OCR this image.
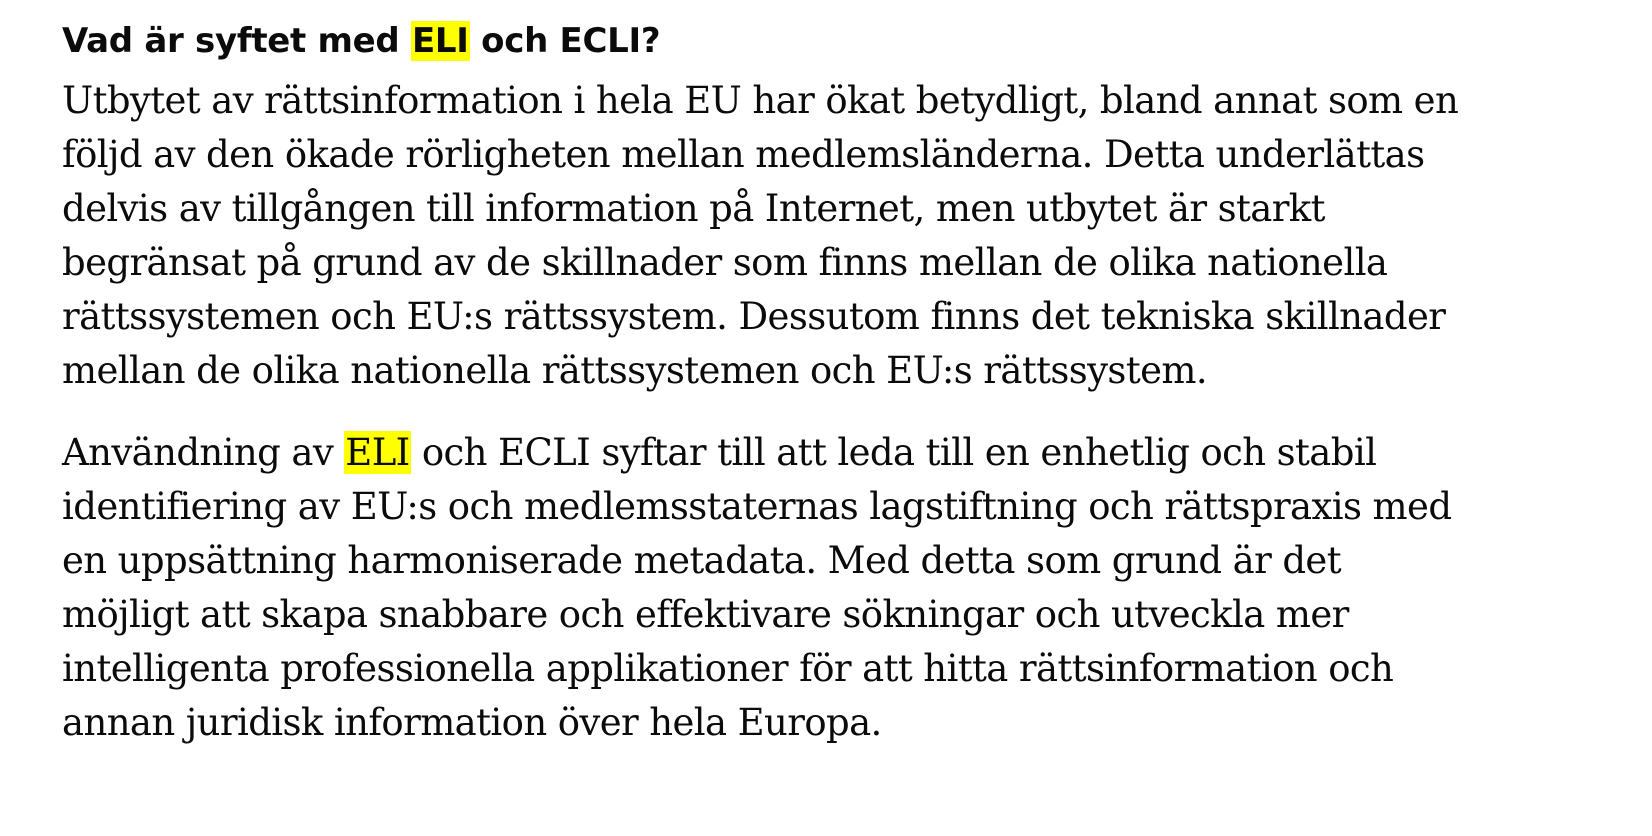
Vad är syftet med ELI och ECLI?

Utbytet av rättsinformation i hela EU har ökat betydligt, bland annat som en
följd av den ökade rörligheten mellan medlemsländerna. Detta underlättas
delvis av tillgången till information på Internet, men utbytet är starkt
begränsat på grund av de skillnader som finns mellan de olika nationella
rättssystemen och EU:s rättssystem. Dessutom finns det tekniska skillnader
mellan de olika nationella rättssystemen och EU:s rättssystem.

Användning av ELI och ECLI syftar till att leda till en enhetlig och stabil
identifiering av EU:s och medlemsstaternas lagstiftning och rättspraxis med
en uppsättning harmoniserade metadata. Med detta som grund är det
möjligt att skapa snabbare och effektivare sökningar och utveckla mer
intelligenta professionella applikationer för att hitta rättsinformation och
annan juridisk information över hela Europa.
